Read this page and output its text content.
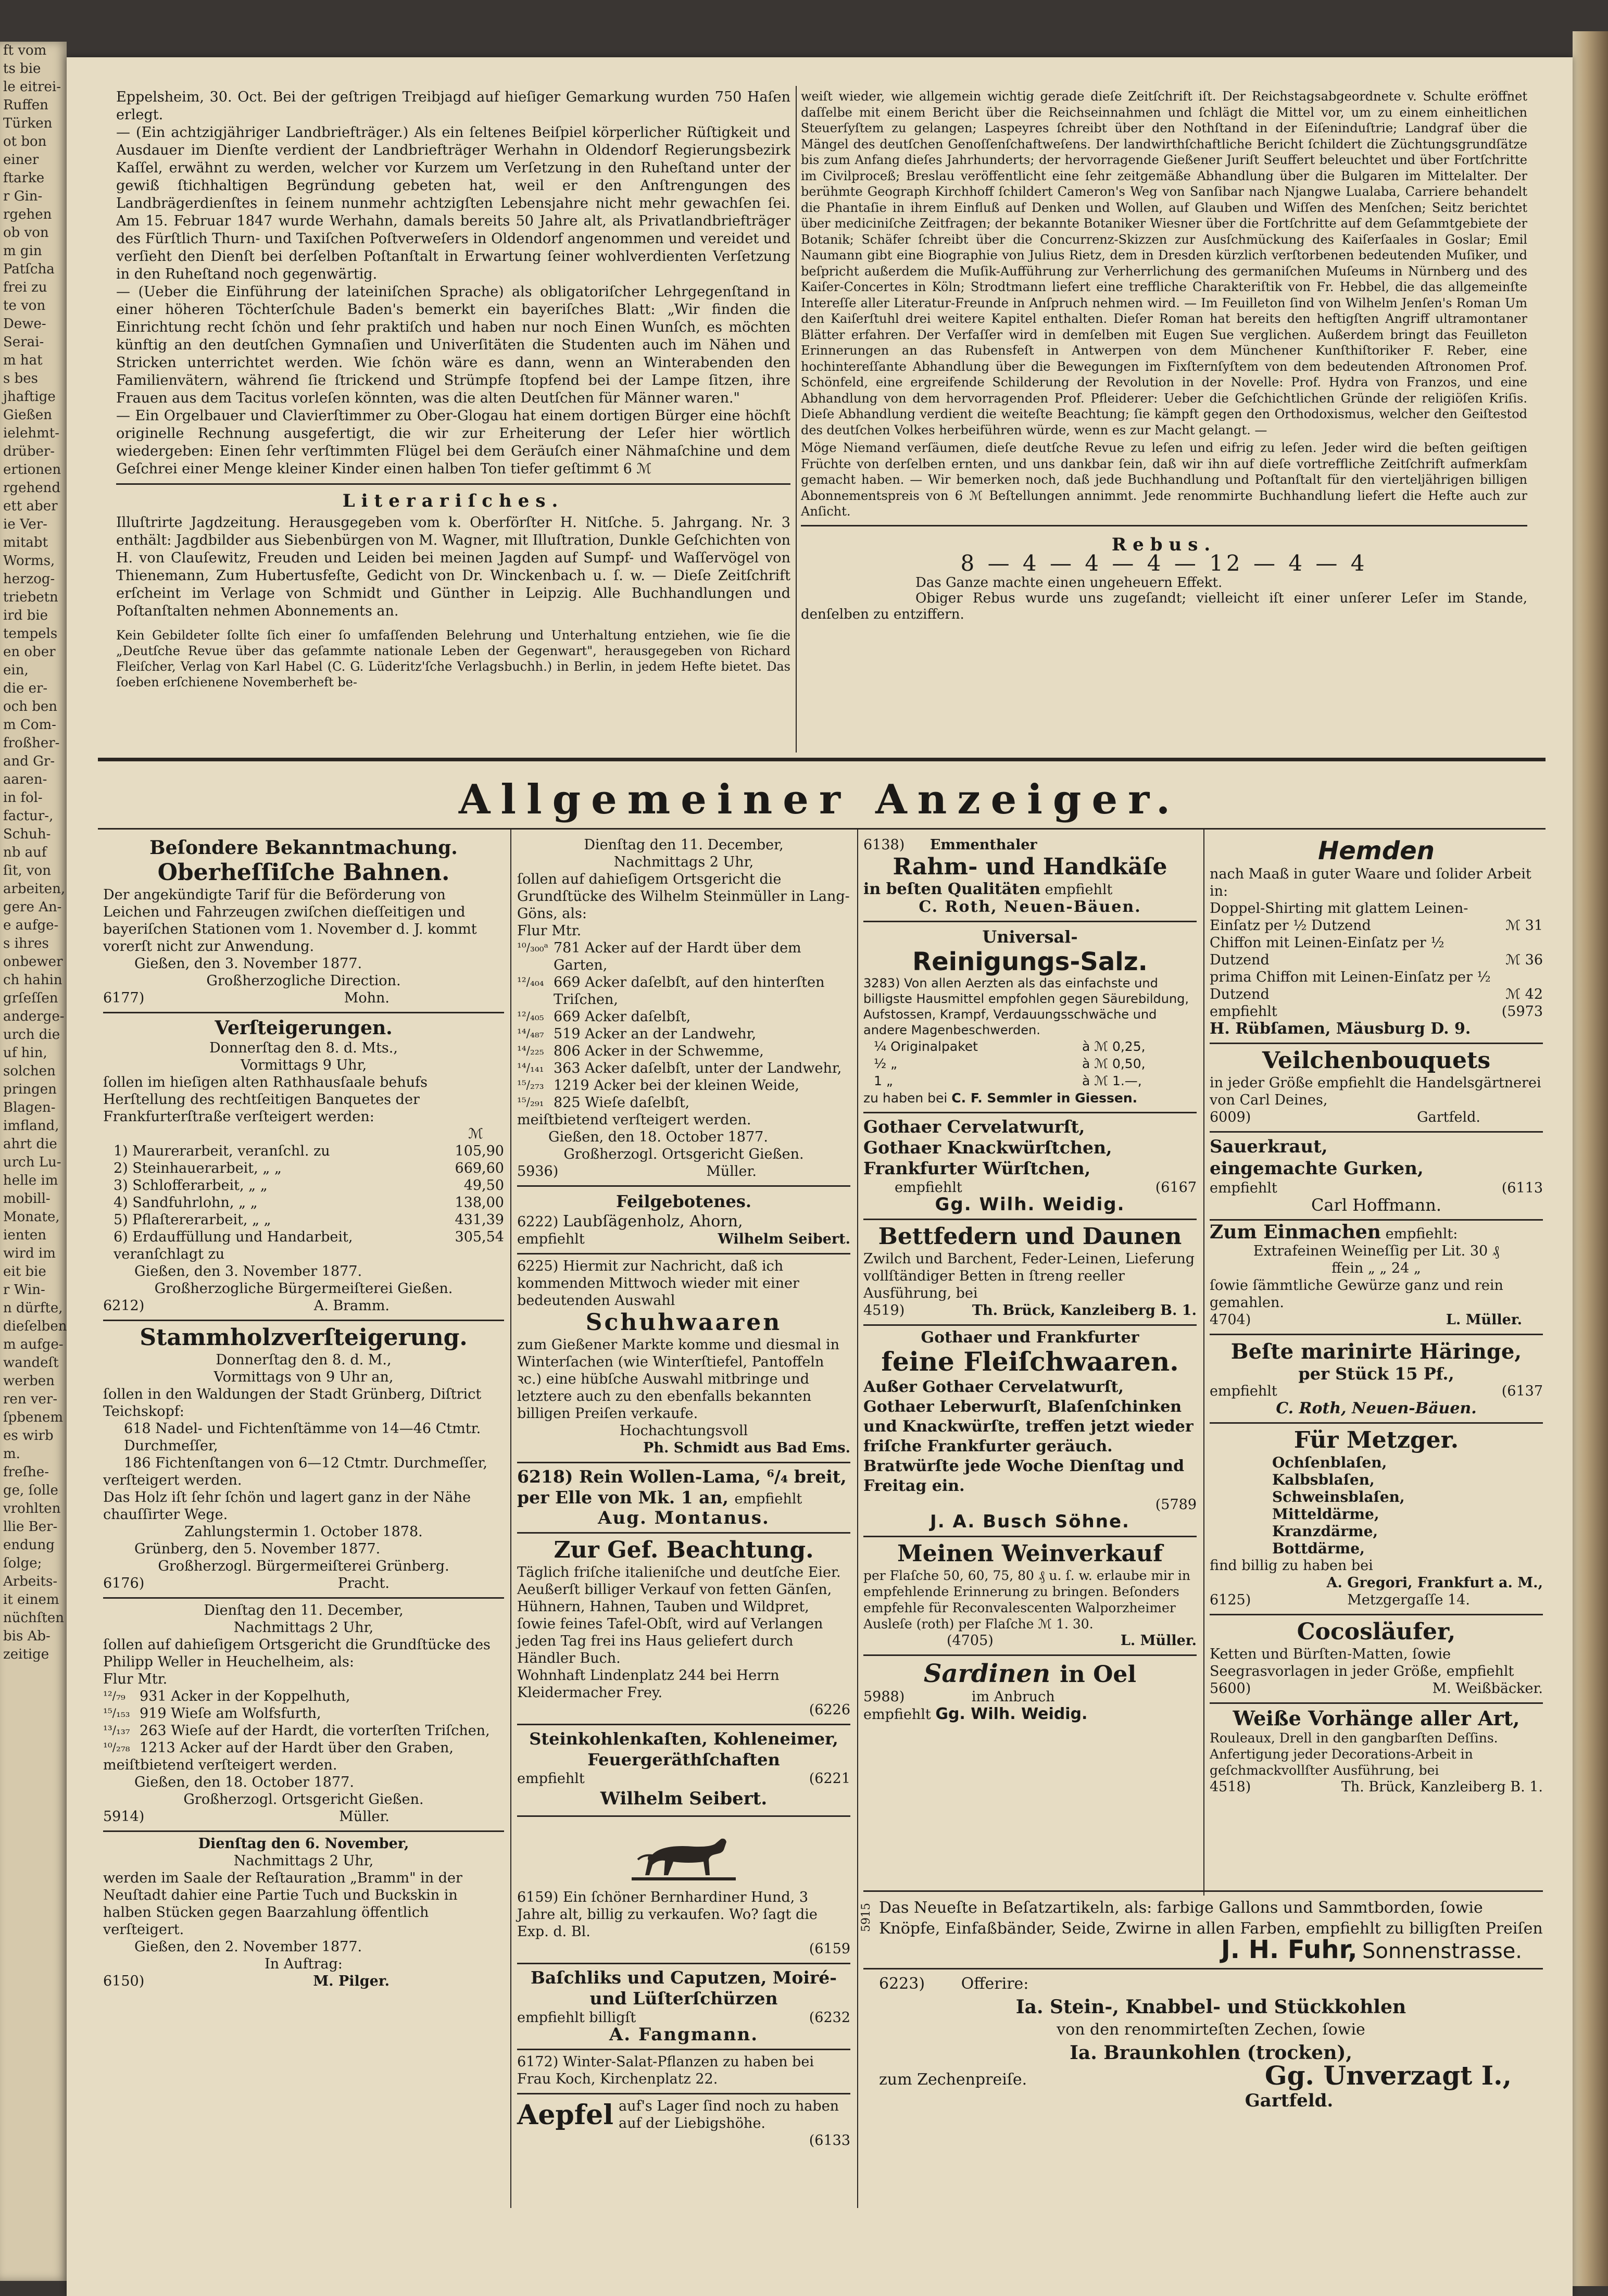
ft vom
ts bie
le eitrei-
Ruffen
Türken
ot bon
einer
ftarke
r Gin-
rgehen
ob von
m gin
Patſcha
frei zu
te von
Dewe-
Serai-
m hat
s bes
jhaftige
Gießen
ielehmt-
drüber-
ertionen
rgehend
ett aber
ie Ver-
mitabt
Worms,
herzog-
triebetn
ird bie
tempels
en ober
ein,
die er-
och ben
m Com-
froßher-
and Gr-
aaren-
in fol-
factur-,
Schuh-
nb auf
ſit, von
arbeiten,
gere An-
e aufge-
s ihres
onbewer
ch hahin
grſeſſen
anderge-
urch die
uf hin,
solchen
pringen
Blagen-
imfland,
ahrt die
urch Lu-
helle im
mobill-
Monate,
ienten
wird im
eit bie
r Win-
n dürfte,
dieſelben
m aufge-
wandeſt
werben
ren ver-
ſpbenem
es wirb
m.
freſhe-
ge, ſolle
vrohlten
llie Ber-
endung
ſolge;
Arbeits-
it einem
nüchſten
bis Ab-
zeitige

Eppelsheim, 30. Oct. Bei der geſtrigen Treibjagd auf hieſiger Gemarkung wurden 750 Haſen erlegt.

— (Ein achtzigjähriger Landbriefträger.) Als ein ſeltenes Beiſpiel körperlicher Rüſtigkeit und Ausdauer im Dienſte verdient der Landbriefträger Werhahn in Oldendorf Regierungsbezirk Kaſſel, erwähnt zu werden, welcher vor Kurzem um Verſetzung in den Ruheſtand unter der gewiß ſtichhaltigen Begründung gebeten hat, weil er den Anſtrengungen des Landbrägerdienſtes in ſeinem nunmehr achtzigſten Lebensjahre nicht mehr gewachſen ſei. Am 15. Februar 1847 wurde Werhahn, damals bereits 50 Jahre alt, als Privatlandbriefträger des Fürſtlich Thurn- und Taxiſchen Poſtverweſers in Oldendorf angenommen und vereidet und verſieht den Dienſt bei derſelben Poſtanſtalt in Erwartung ſeiner wohlverdienten Verſetzung in den Ruheſtand noch gegenwärtig.

— (Ueber die Einführung der lateiniſchen Sprache) als obligatoriſcher Lehrgegenſtand in einer höheren Töchterſchule Baden's bemerkt ein bayeriſches Blatt: „Wir finden die Einrichtung recht ſchön und ſehr praktiſch und haben nur noch Einen Wunſch, es möchten künftig an den deutſchen Gymnaſien und Univerſitäten die Studenten auch im Nähen und Stricken unterrichtet werden. Wie ſchön wäre es dann, wenn an Winterabenden den Familienvätern, während ſie ſtrickend und Strümpfe ſtopfend bei der Lampe ſitzen, ihre Frauen aus dem Tacitus vorleſen könnten, was die alten Deutſchen für Männer waren."

— Ein Orgelbauer und Clavierſtimmer zu Ober-Glogau hat einem dortigen Bürger eine höchſt originelle Rechnung ausgefertigt, die wir zur Erheiterung der Leſer hier wörtlich wiedergeben: Einen ſehr verſtimmten Flügel bei dem Geräuſch einer Nähmaſchine und dem Geſchrei einer Menge kleiner Kinder einen halben Ton tiefer geſtimmt 6 ℳ

Literariſches.

Illuſtrirte Jagdzeitung. Herausgegeben vom k. Oberförſter H. Nitſche. 5. Jahrgang. Nr. 3 enthält: Jagdbilder aus Siebenbürgen von M. Wagner, mit Illuſtration, Dunkle Geſchichten von H. von Clauſewitz, Freuden und Leiden bei meinen Jagden auf Sumpf- und Waſſervögel von Thienemann, Zum Hubertusfeſte, Gedicht von Dr. Winckenbach u. ſ. w. — Dieſe Zeitſchrift erſcheint im Verlage von Schmidt und Günther in Leipzig. Alle Buchhandlungen und Poſtanſtalten nehmen Abonnements an.

Kein Gebildeter ſollte ſich einer ſo umfaſſenden Belehrung und Unterhaltung entziehen, wie ſie die „Deutſche Revue über das geſammte nationale Leben der Gegenwart", herausgegeben von Richard Fleiſcher, Verlag von Karl Habel (C. G. Lüderitz'ſche Verlagsbuchh.) in Berlin, in jedem Hefte bietet. Das ſoeben erſchienene Novemberheft be-

weiſt wieder, wie allgemein wichtig gerade dieſe Zeitſchrift iſt. Der Reichstagsabgeordnete v. Schulte eröffnet daſſelbe mit einem Bericht über die Reichseinnahmen und ſchlägt die Mittel vor, um zu einem einheitlichen Steuerſyſtem zu gelangen; Laspeyres ſchreibt über den Nothſtand in der Eiſeninduſtrie; Landgraf über die Mängel des deutſchen Genoſſenſchaftweſens. Der landwirthſchaftliche Bericht ſchildert die Züchtungsgrundſätze bis zum Anfang dieſes Jahrhunderts; der hervorragende Gießener Juriſt Seuffert beleuchtet und über Fortſchritte im Civilproceß; Breslau veröffentlicht eine ſehr zeitgemäße Abhandlung über die Bulgaren im Mittelalter. Der berühmte Geograph Kirchhoff ſchildert Cameron's Weg von Sanſibar nach Njangwe Lualaba, Carriere behandelt die Phantaſie in ihrem Einfluß auf Denken und Wollen, auf Glauben und Wiſſen des Menſchen; Seitz berichtet über mediciniſche Zeitfragen; der bekannte Botaniker Wiesner über die Fortſchritte auf dem Geſammtgebiete der Botanik; Schäfer ſchreibt über die Concurrenz-Skizzen zur Ausſchmückung des Kaiſerſaales in Goslar; Emil Naumann gibt eine Biographie von Julius Rietz, dem in Dresden kürzlich verſtorbenen bedeutenden Muſiker, und beſpricht außerdem die Muſik-Aufführung zur Verherrlichung des germaniſchen Muſeums in Nürnberg und des Kaiſer-Concertes in Köln; Strodtmann liefert eine treffliche Charakteriſtik von Fr. Hebbel, die das allgemeinſte Intereſſe aller Literatur-Freunde in Anſpruch nehmen wird. — Im Feuilleton ſind von Wilhelm Jenſen's Roman Um den Kaiſerſtuhl drei weitere Kapitel enthalten. Dieſer Roman hat bereits den heftigſten Angriff ultramontaner Blätter erfahren. Der Verfaſſer wird in demſelben mit Eugen Sue verglichen. Außerdem bringt das Feuilleton Erinnerungen an das Rubensfeſt in Antwerpen von dem Münchener Kunſthiſtoriker F. Reber, eine hochintereſſante Abhandlung über die Bewegungen im Fixſternſyſtem von dem bedeutenden Aſtronomen Prof. Schönfeld, eine ergreifende Schilderung der Revolution in der Novelle: Prof. Hydra von Franzos, und eine Abhandlung von dem hervorragenden Prof. Pfleiderer: Ueber die Geſchichtlichen Gründe der religiöſen Kriſis. Dieſe Abhandlung verdient die weiteſte Beachtung; ſie kämpft gegen den Orthodoxismus, welcher den Geiſtestod des deutſchen Volkes herbeiführen würde, wenn es zur Macht gelangt. —

Möge Niemand verſäumen, dieſe deutſche Revue zu leſen und eifrig zu leſen. Jeder wird die beſten geiſtigen Früchte von derſelben ernten, und uns dankbar ſein, daß wir ihn auf dieſe vortreffliche Zeitſchrift aufmerkſam gemacht haben. — Wir bemerken noch, daß jede Buchhandlung und Poſtanſtalt für den vierteljährigen billigen Abonnementspreis von 6 ℳ Beſtellungen annimmt. Jede renommirte Buchhandlung liefert die Hefte auch zur Anſicht.

Rebus.
8 — 4 — 4 — 4 — 12 — 4 — 4

Das Ganze machte einen ungeheuern Effekt.

Obiger Rebus wurde uns zugeſandt; vielleicht iſt einer unſerer Leſer im Stande, denſelben zu entziffern.

Allgemeiner Anzeiger.

Beſondere Bekanntmachung.

Oberheſſiſche Bahnen.

Der angekündigte Tarif für die Beförderung von Leichen und Fahrzeugen zwiſchen dieſſeitigen und bayeriſchen Stationen vom 1. November d. J. kommt vorerſt nicht zur Anwendung.

Gießen, den 3. November 1877.

Großherzogliche Direction.

6177)	Mohn.

Verſteigerungen.

Donnerſtag den 8. d. Mts.,

Vormittags 9 Uhr,

ſollen im hieſigen alten Rathhausſaale behufs Herſtellung des rechtſeitigen Banquetes der Frankfurterſtraße verſteigert werden:

ℳ

1) Maurerarbeit, veranſchl. zu	105,90

2) Steinhauerarbeit, „ „	669,60

3) Schlofferarbeit, „ „	49,50

4) Sandfuhrlohn, „ „	138,00

5) Pflaſtererarbeit, „ „	431,39

6) Erdauffüllung und Handarbeit, veranſchlagt zu
305,54

Gießen, den 3. November 1877.

Großherzogliche Bürgermeiſterei Gießen.

6212)	A. Bramm.

Stammholzverſteigerung.

Donnerſtag den 8. d. M.,

Vormittags von 9 Uhr an,

ſollen in den Waldungen der Stadt Grünberg, Diſtrict Teichskopf:

618 Nadel- und Fichtenſtämme von 14—46 Ctmtr. Durchmeſſer,

186 Fichtenſtangen von 6—12 Ctmtr. Durchmeſſer,

verſteigert werden.

Das Holz iſt ſehr ſchön und lagert ganz in der Nähe chauſſirter Wege.

Zahlungstermin 1. October 1878.

Grünberg, den 5. November 1877.

Großherzogl. Bürgermeiſterei Grünberg.

6176)	Pracht.

Dienſtag den 11. December,

Nachmittags 2 Uhr,

ſollen auf dahieſigem Ortsgericht die Grundſtücke des Philipp Weller in Heuchelheim, als:

Flur Mtr.

¹²/₇₉	931 Acker in der Koppelhuth,

¹⁵/₁₅₃ 919 Wieſe am Wolfsfurth,

¹³/₁₃₇ 263 Wieſe auf der Hardt, die vorterſten Triſchen,

¹⁰/₂₇₈ 1213 Acker auf der Hardt über den Graben,

meiſtbietend verſteigert werden.

Gießen, den 18. October 1877.

Großherzogl. Ortsgericht Gießen.

5914)	Müller.

Dienſtag den 6. November,

Nachmittags 2 Uhr,

werden im Saale der Reſtauration „Bramm" in der Neuſtadt dahier eine Partie Tuch und Buckskin in halben Stücken gegen Baarzahlung öffentlich verſteigert.

Gießen, den 2. November 1877.

In Auftrag:

6150)	M. Pilger.

Dienſtag den 11. December,

Nachmittags 2 Uhr,

ſollen auf dahieſigem Ortsgericht die Grundſtücke des Wilhelm Steinmüller in Lang-Göns, als:

Flur Mtr.

¹⁰/₃₀₀ᵃ 781 Acker auf der Hardt über dem Garten,

¹²/₄₀₄ 669 Acker daſelbſt, auf den hinterſten Triſchen,

¹²/₄₀₅ 669 Acker daſelbſt,

¹⁴/₄₈₇ 519 Acker an der Landwehr,

¹⁴/₂₂₅ 806 Acker in der Schwemme,

¹⁴/₁₄₁ 363 Acker daſelbſt, unter der Landwehr,

¹⁵/₂₇₃ 1219 Acker bei der kleinen Weide,

¹⁵/₂₉₁ 825 Wieſe daſelbſt,

meiſtbietend verſteigert werden.

Gießen, den 18. October 1877.

Großherzogl. Ortsgericht Gießen.

5936)	Müller.

Feilgebotenes.

6222) Laubſägenholz, Ahorn,

empfiehlt	Wilhelm Seibert.

6225) Hiermit zur Nachricht, daß ich kommenden Mittwoch wieder mit einer bedeutenden Auswahl

Schuhwaaren

zum Gießener Markte komme und diesmal in Winterſachen (wie Winterſtiefel, Pantoffeln ꝛc.) eine hübſche Auswahl mitbringe und letztere auch zu den ebenfalls bekannten billigen Preiſen verkaufe.

Hochachtungsvoll

Ph. Schmidt aus Bad Ems.

6218) Rein Wollen-Lama, ⁶/₄ breit, per Elle von Mk. 1 an, empfiehlt

Aug. Montanus.

Zur Gef. Beachtung.

Täglich friſche italieniſche und deutſche Eier. Aeußerſt billiger Verkauf von fetten Gänſen, Hühnern, Hahnen, Tauben und Wildpret, ſowie feines Tafel-Obſt, wird auf Verlangen jeden Tag frei ins Haus geliefert durch Händler Buch.

Wohnhaft Lindenplatz 244 bei Herrn Kleidermacher Frey.

(6226

Steinkohlenkaſten, Kohleneimer, Feuergeräthſchaften

empfiehlt	(6221

Wilhelm Seibert.

6159) Ein ſchöner Bernhardiner Hund, 3 Jahre alt, billig zu verkaufen. Wo? ſagt die Exp. d. Bl.

(6159

Baſchliks und Caputzen, Moiré- und Lüſterſchürzen

empfiehlt billigſt	(6232

A. Fangmann.

6172) Winter-Salat-Pflanzen zu haben bei Frau Koch, Kirchenplatz 22.

Aepfel auf's Lager ſind noch zu haben auf der Liebigshöhe.

(6133

6138) Emmenthaler

Rahm- und Handkäſe

in beſten Qualitäten empfiehlt

C. Roth, Neuen-Bäuen.

Universal-

Reinigungs-Salz.

3283) Von allen Aerzten als das einfachste und billigste Hausmittel empfohlen gegen Säurebildung, Aufstossen, Krampf, Verdauungsschwäche und andere Magenbeschwerden.

¼ Originalpaket	à ℳ 0,25,

½ „	à ℳ 0,50,

1 „	à ℳ 1.—,

zu haben bei C. F. Semmler in Giessen.

Gothaer Cervelatwurſt,

Gothaer Knackwürſtchen,

Frankfurter Würſtchen,

empfiehlt	(6167

Gg. Wilh. Weidig.

Bettfedern und Daunen

Zwilch und Barchent, Feder-Leinen, Lieferung vollſtändiger Betten in ſtreng reeller Ausführung, bei

4519)	Th. Brück, Kanzleiberg B. 1.

Gothaer und Frankfurter

feine Fleiſchwaaren.

Außer Gothaer Cervelatwurſt, Gothaer Leberwurſt, Blaſenſchinken und Knackwürſte, treffen jetzt wieder friſche Frankfurter geräuch. Bratwürſte jede Woche Dienſtag und Freitag ein.

(5789

J. A. Busch Söhne.

Meinen Weinverkauf

per Flaſche 50, 60, 75, 80 ₰ u. ſ. w. erlaube mir in empfehlende Erinnerung zu bringen. Beſonders empfehle für Reconvalescenten Walporzheimer Ausleſe (roth) per Flaſche ℳ 1. 30.

(4705)	L. Müller.

Sardinen in Oel

5988)	im Anbruch

empfiehlt Gg. Wilh. Weidig.

Hemden

nach Maaß in guter Waare und ſolider Arbeit in:

Doppel-Shirting mit glattem Leinen-Einſatz per ½ Dutzend	ℳ 31

Chiffon mit Leinen-Einſatz per ½ Dutzend	ℳ 36

prima Chiffon mit Leinen-Einſatz per ½ Dutzend	ℳ 42

empfiehlt	(5973

H. Rübſamen, Mäusburg D. 9.

Veilchenbouquets

in jeder Größe empfiehlt die Handelsgärtnerei von Carl Deines,

6009)	Gartfeld.

Sauerkraut,

eingemachte Gurken,

empfiehlt	(6113

Carl Hoffmann.

Zum Einmachen empfiehlt:

Extrafeinen Weineſſig per Lit. 30 ₰

ffein „ „ 24 „

ſowie ſämmtliche Gewürze ganz und rein gemahlen.

4704)	L. Müller.

Beſte marinirte Häringe,

per Stück 15 Pf.,

empfiehlt	(6137

C. Roth, Neuen-Bäuen.

Für Metzger.

Ochſenblaſen,

Kalbsblaſen,

Schweinsblaſen,

Mitteldärme,

Kranzdärme,

Bottdärme,

find billig zu haben bei

A. Gregori, Frankfurt a. M.,

6125)	Metzgergaſſe 14.

Cocosläufer,

Ketten und Bürſten-Matten, ſowie Seegrasvorlagen in jeder Größe, empfiehlt

5600)	M. Weißbäcker.

Weiße Vorhänge aller Art,

Rouleaux, Drell in den gangbarſten Deſſins. Anfertigung jeder Decorations-Arbeit in geſchmackvollſter Ausführung, bei

4518)	Th. Brück, Kanzleiberg B. 1.

5915 Das Neueſte in Beſatzartikeln, als: farbige Gallons und Sammtborden, ſowie Knöpfe, Einfaßbänder, Seide, Zwirne in allen Farben, empfiehlt zu billigſten Preiſen

J. H. Fuhr, Sonnenstrasse.

6223) Offerire:

Ia. Stein-, Knabbel- und Stückkohlen

von den renommirteſten Zechen, ſowie

Ia. Braunkohlen (trocken),

zum Zechenpreiſe.	Gg. Unverzagt I.,

Gartfeld.
